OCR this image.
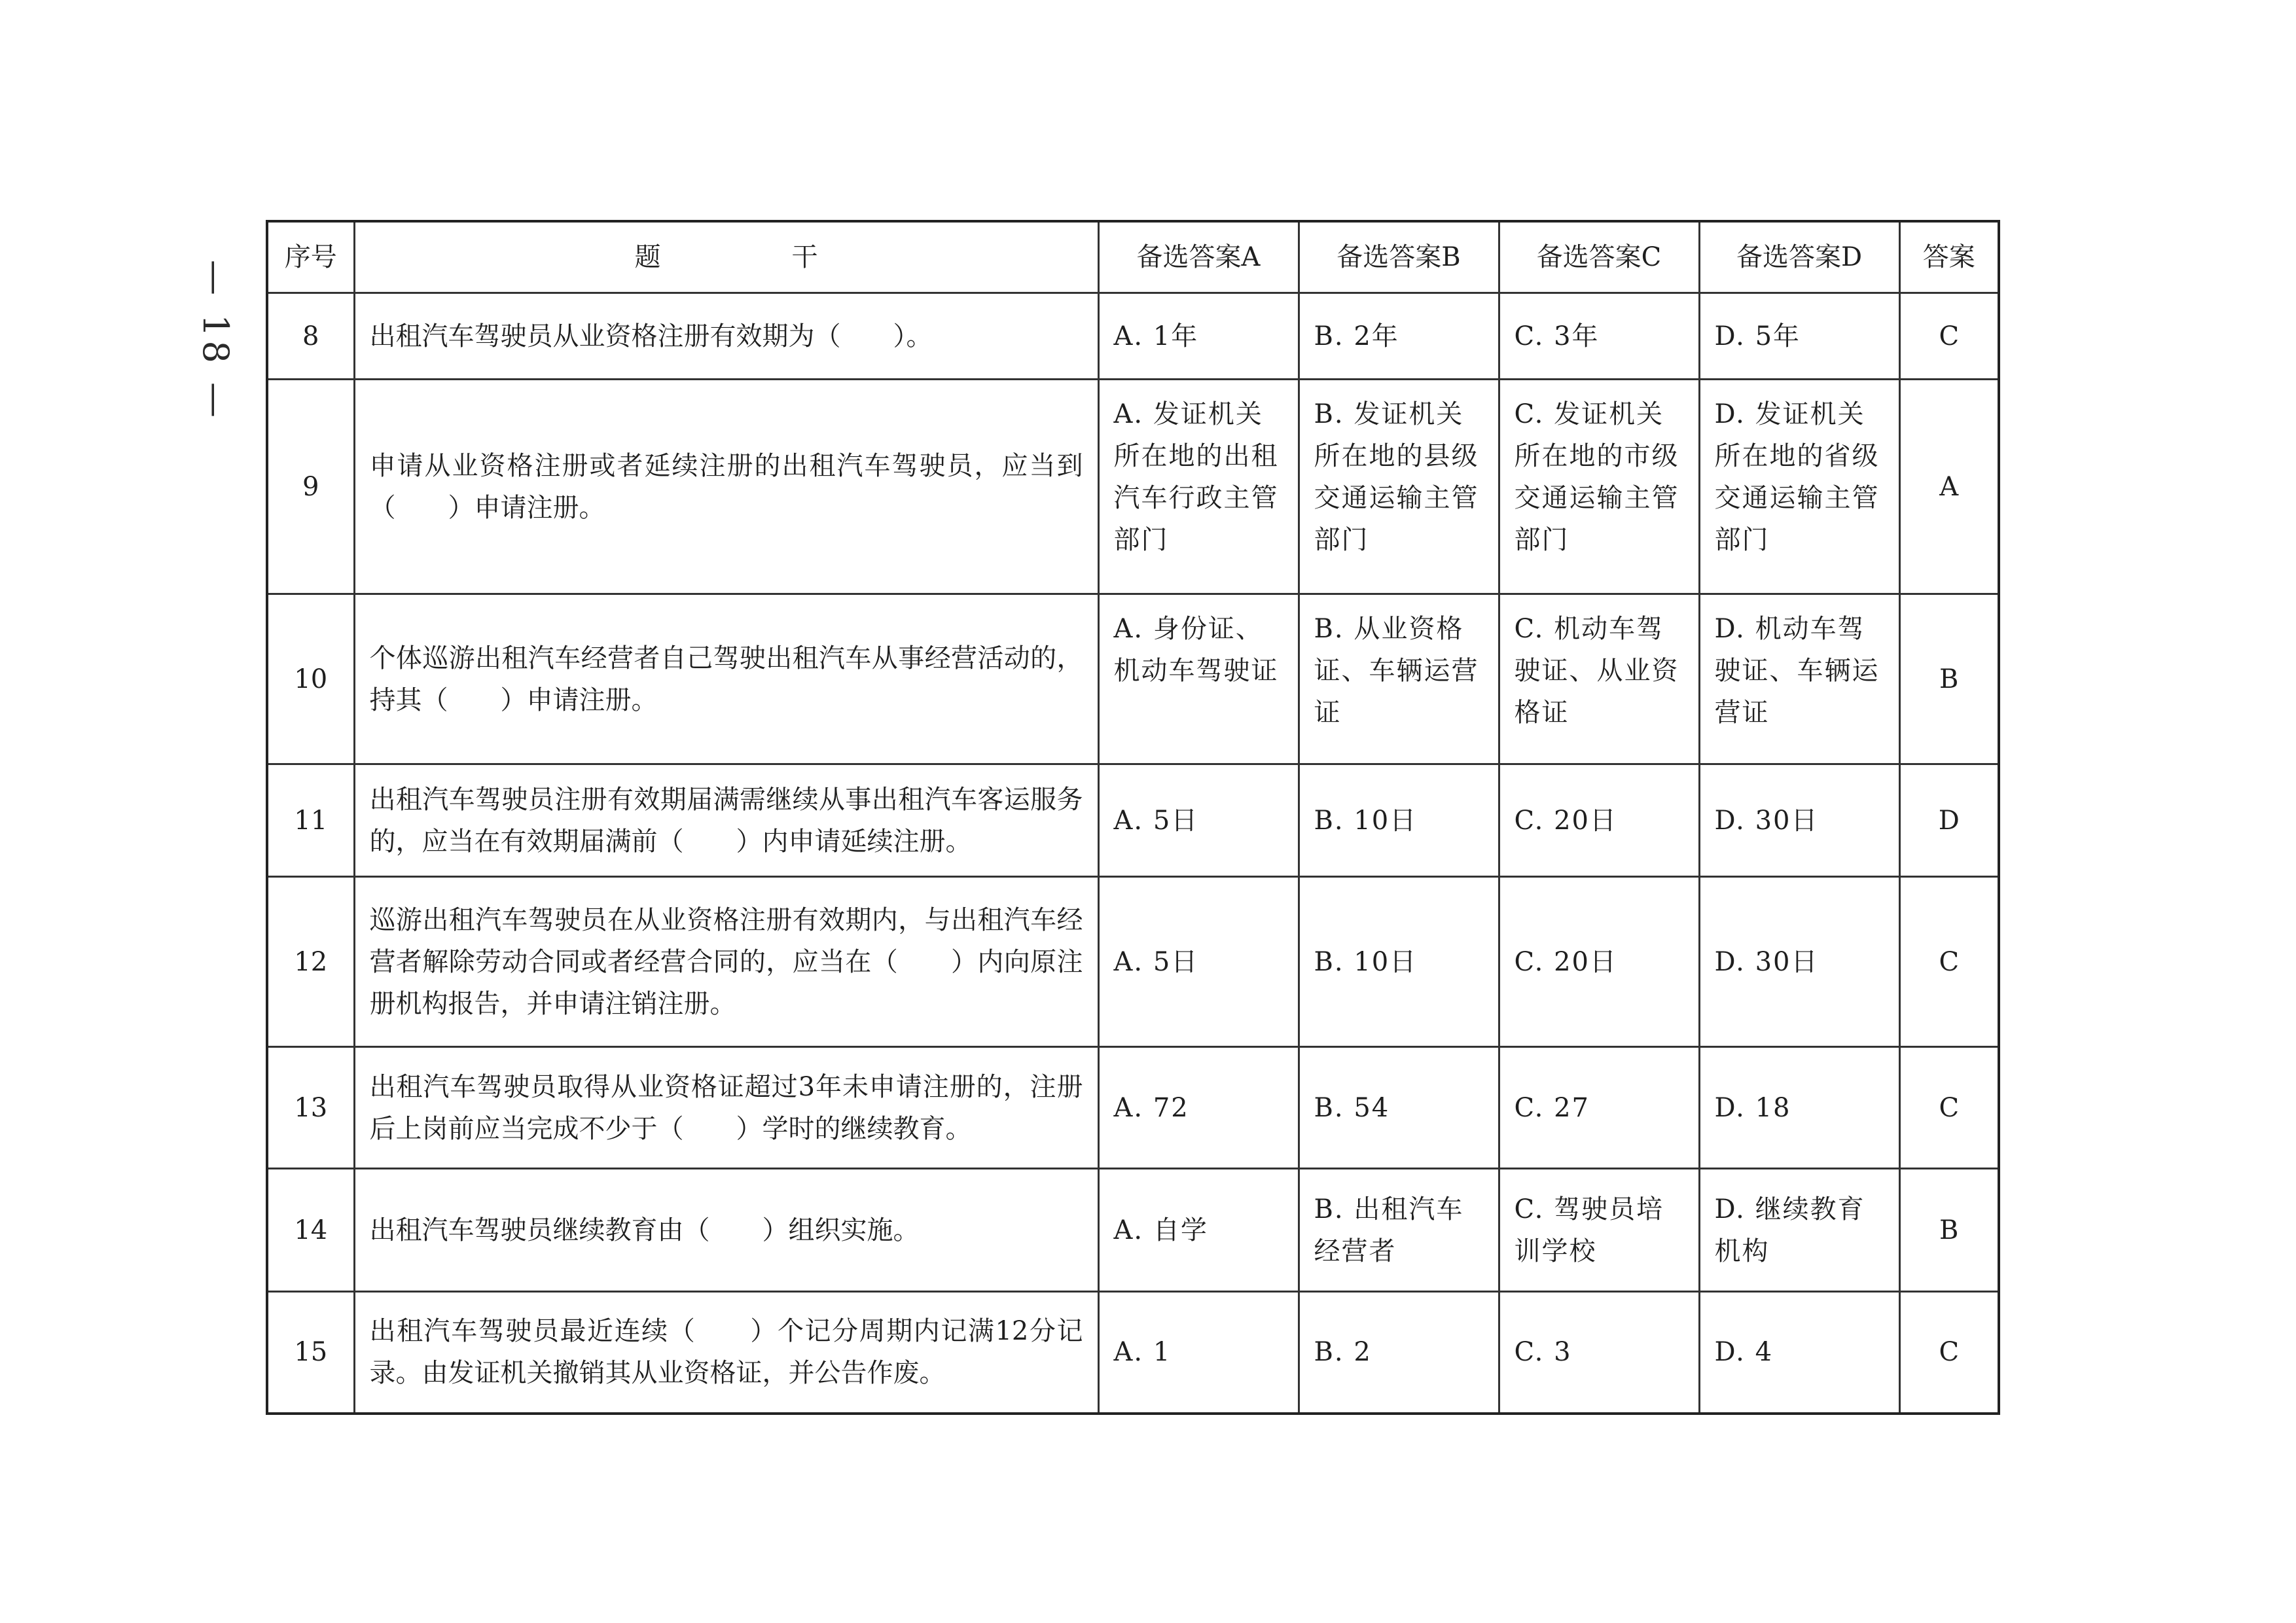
— 18 —
序号	题干	备选答案A	备选答案B	备选答案C	备选答案D	答案
8	出租汽车驾驶员从业资格注册有效期为（　　）。	A. 1年	B. 2年	C. 3年	D. 5年	C
9	申请从业资格注册或者延续注册的出租汽车驾驶员，应当到（　　）申请注册。	A. 发证机关所在地的出租汽车行政主管部门	B. 发证机关所在地的县级交通运输主管部门	C. 发证机关所在地的市级交通运输主管部门	D. 发证机关所在地的省级交通运输主管部门	A
10	个体巡游出租汽车经营者自己驾驶出租汽车从事经营活动的，持其（　　）申请注册。	A. 身份证、机动车驾驶证	B. 从业资格证、车辆运营证	C. 机动车驾驶证、从业资格证	D. 机动车驾驶证、车辆运营证	B
11	出租汽车驾驶员注册有效期届满需继续从事出租汽车客运服务的，应当在有效期届满前（　　）内申请延续注册。	A. 5日	B. 10日	C. 20日	D. 30日	D
12	巡游出租汽车驾驶员在从业资格注册有效期内，与出租汽车经营者解除劳动合同或者经营合同的，应当在（　　）内向原注册机构报告，并申请注销注册。	A. 5日	B. 10日	C. 20日	D. 30日	C
13	出租汽车驾驶员取得从业资格证超过3年未申请注册的，注册后上岗前应当完成不少于（　　）学时的继续教育。	A. 72	B. 54	C. 27	D. 18	C
14	出租汽车驾驶员继续教育由（　　）组织实施。	A. 自学	B. 出租汽车经营者	C. 驾驶员培训学校	D. 继续教育机构	B
15	出租汽车驾驶员最近连续（　　）个记分周期内记满12分记录。由发证机关撤销其从业资格证，并公告作废。	A. 1	B. 2	C. 3	D. 4	C
